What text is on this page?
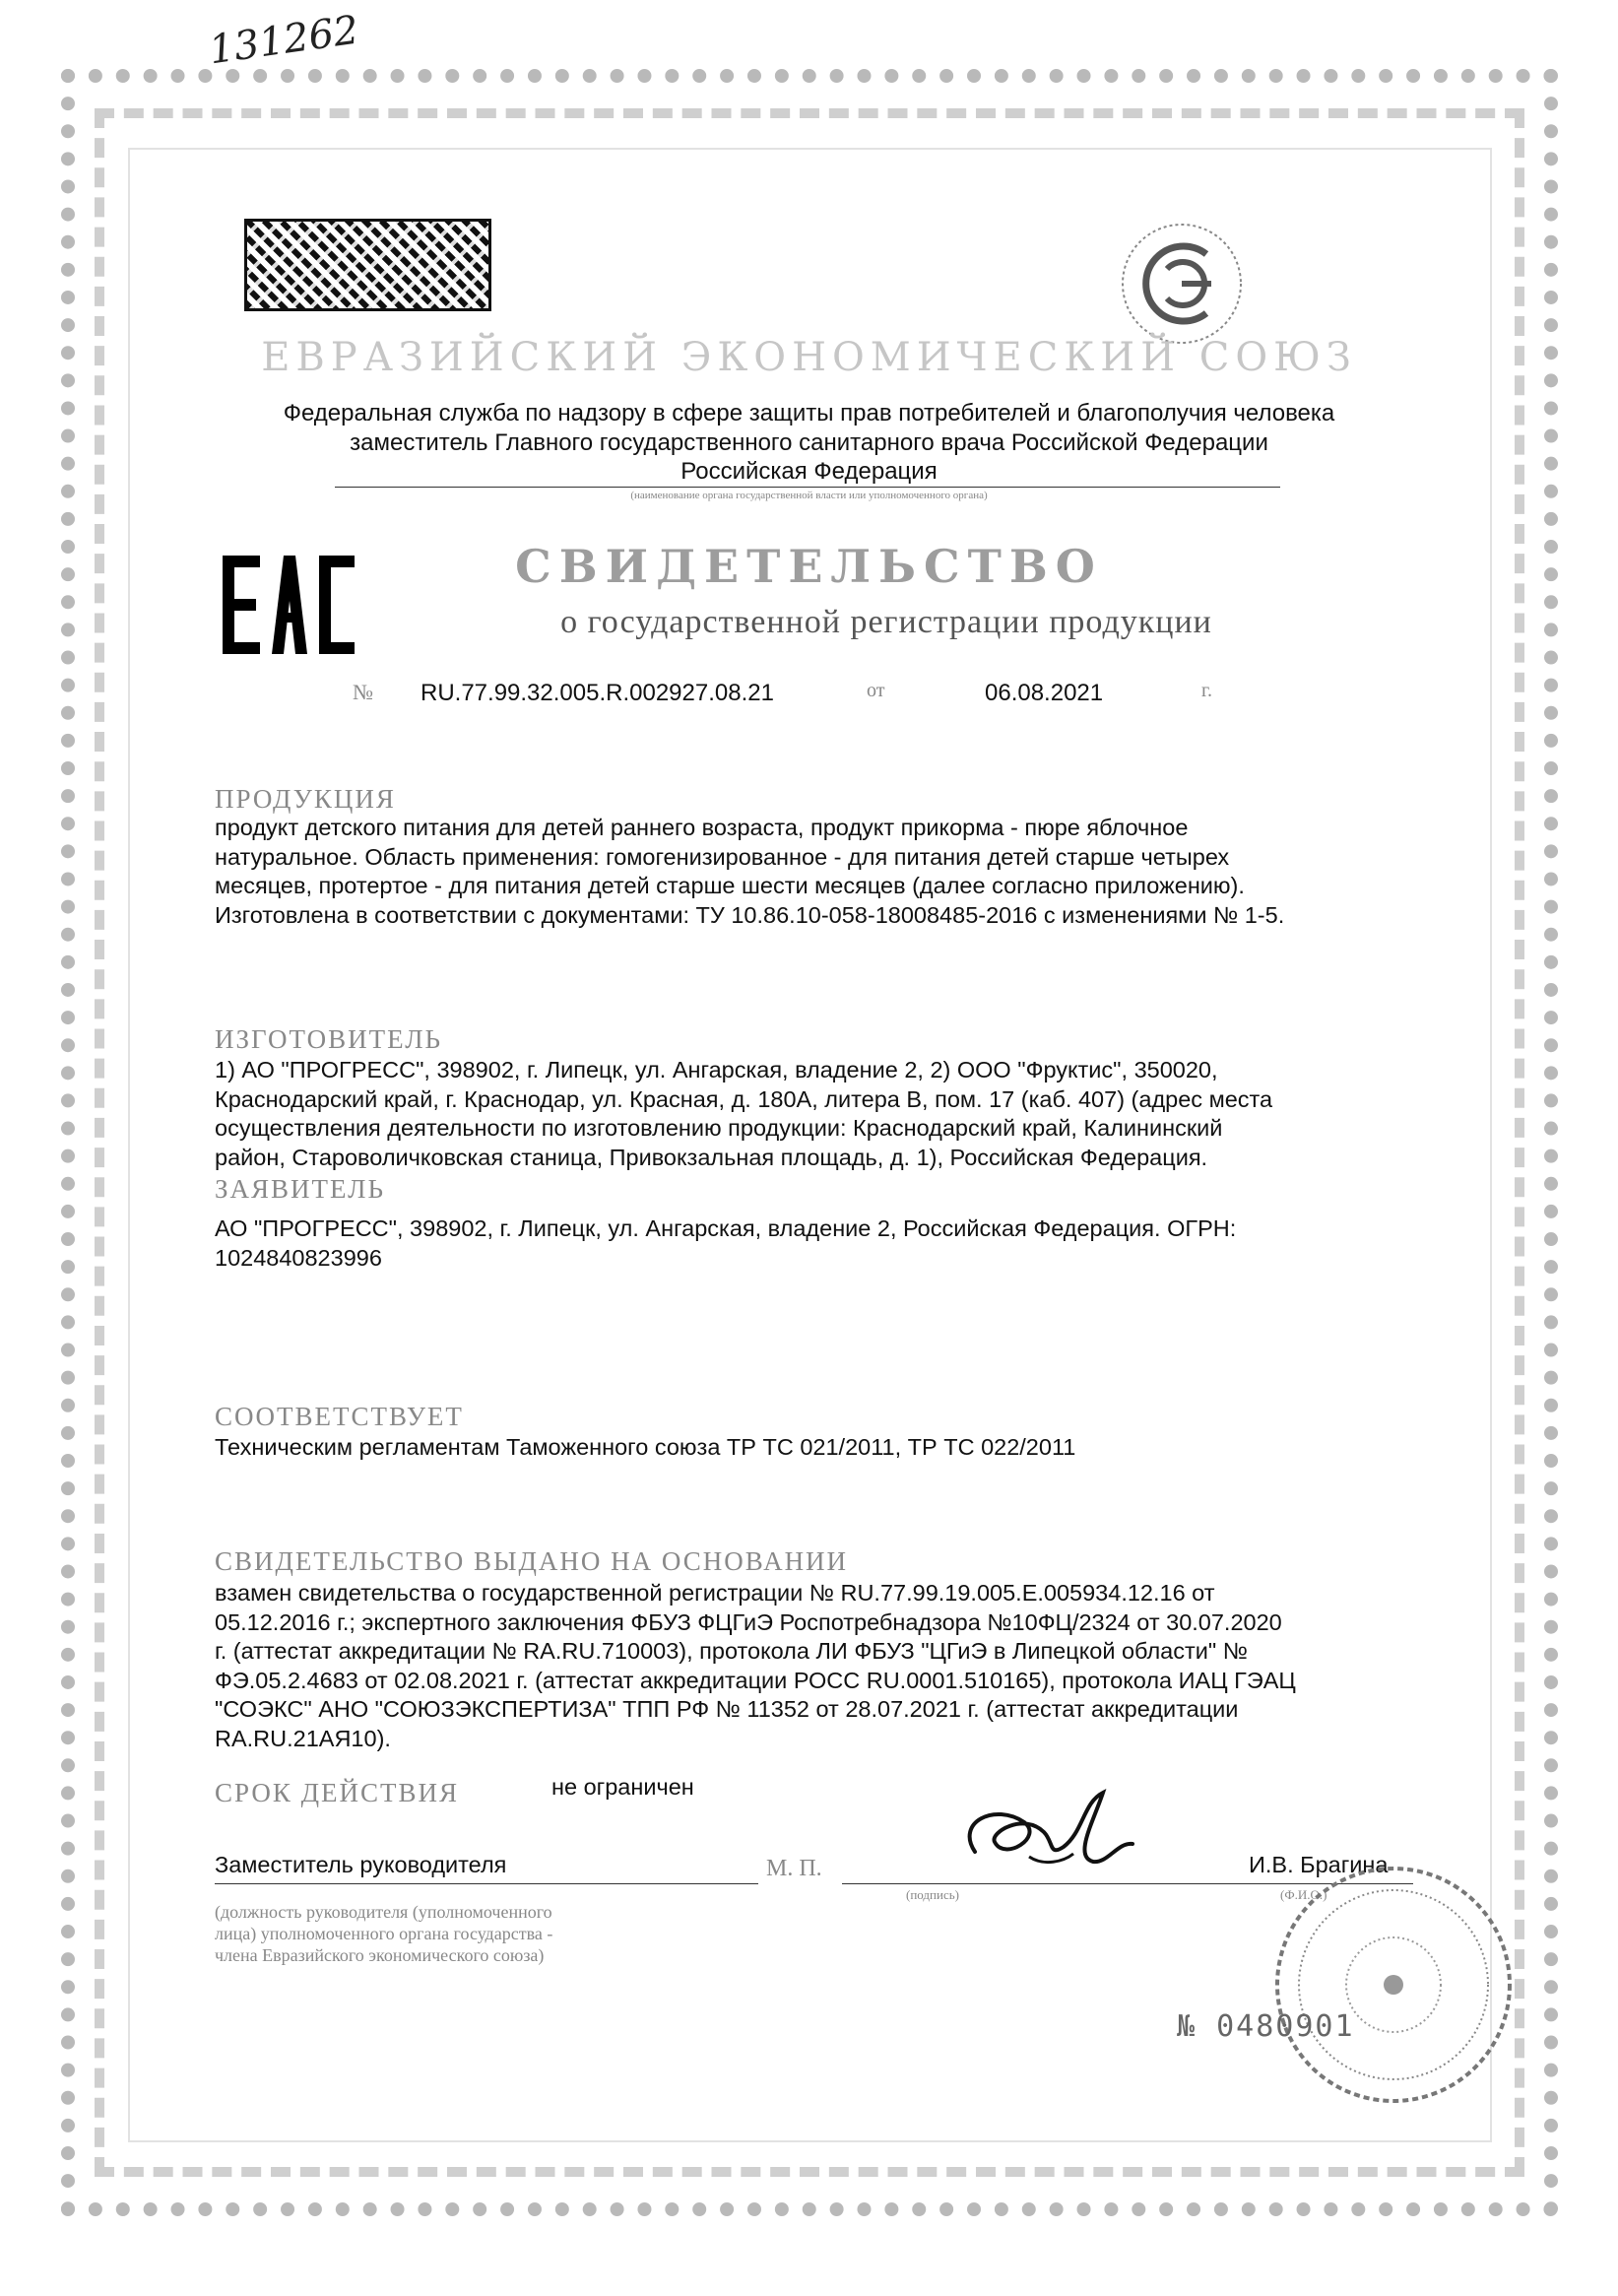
131262
ЕВРАЗИЙСКИЙ ЭКОНОМИЧЕСКИЙ СОЮЗ
Федеральная служба по надзору в сфере защиты прав потребителей и благополучия человека
заместитель Главного государственного санитарного врача Российской Федерации
Российская Федерация
(наименование органа государственной власти или уполномоченного органа)
СВИДЕТЕЛЬСТВО
о государственной регистрации продукции
№ RU.77.99.32.005.R.002927.08.21	от	06.08.2021	г.
ПРОДУКЦИЯ
продукт детского питания для детей раннего возраста, продукт прикорма - пюре яблочное
натуральное. Область применения: гомогенизированное - для питания детей старше четырех
месяцев, протертое - для питания детей старше шести месяцев (далее согласно приложению).
Изготовлена в соответствии с документами: ТУ 10.86.10-058-18008485-2016 с изменениями № 1-5.
ИЗГОТОВИТЕЛЬ
1) АО "ПРОГРЕСС", 398902, г. Липецк, ул. Ангарская, владение 2, 2) ООО "Фруктис", 350020,
Краснодарский край, г. Краснодар, ул. Красная, д. 180А, литера В, пом. 17 (каб. 407) (адрес места
осуществления деятельности по изготовлению продукции: Краснодарский край, Калининский
район, Староволичковская станица, Привокзальная площадь, д. 1), Российская Федерация.
ЗАЯВИТЕЛЬ
АО "ПРОГРЕСС", 398902, г. Липецк, ул. Ангарская, владение 2, Российская Федерация. ОГРН:
1024840823996
СООТВЕТСТВУЕТ
Техническим регламентам Таможенного союза ТР ТС 021/2011, ТР ТС 022/2011
СВИДЕТЕЛЬСТВО ВЫДАНО НА ОСНОВАНИИ
взамен свидетельства о государственной регистрации № RU.77.99.19.005.Е.005934.12.16 от
05.12.2016 г.; экспертного заключения ФБУЗ ФЦГиЭ Роспотребнадзора №10ФЦ/2324 от 30.07.2020
г. (аттестат аккредитации № RA.RU.710003), протокола ЛИ ФБУЗ "ЦГиЭ в Липецкой области" №
ФЭ.05.2.4683 от 02.08.2021 г. (аттестат аккредитации РОСС RU.0001.510165), протокола ИАЦ ГЭАЦ
"СОЭКС" АНО "СОЮЗЭКСПЕРТИЗА" ТПП РФ № 11352 от 28.07.2021 г. (аттестат аккредитации
RA.RU.21АЯ10).
СРОК ДЕЙСТВИЯ	не ограничен
Заместитель руководителя	М. П.
(подпись)
И.В. Брагина
(Ф.И.О.)
(должность руководителя (уполномоченного
лица) уполномоченного органа государства -
члена Евразийского экономического союза)
№ 0480901
